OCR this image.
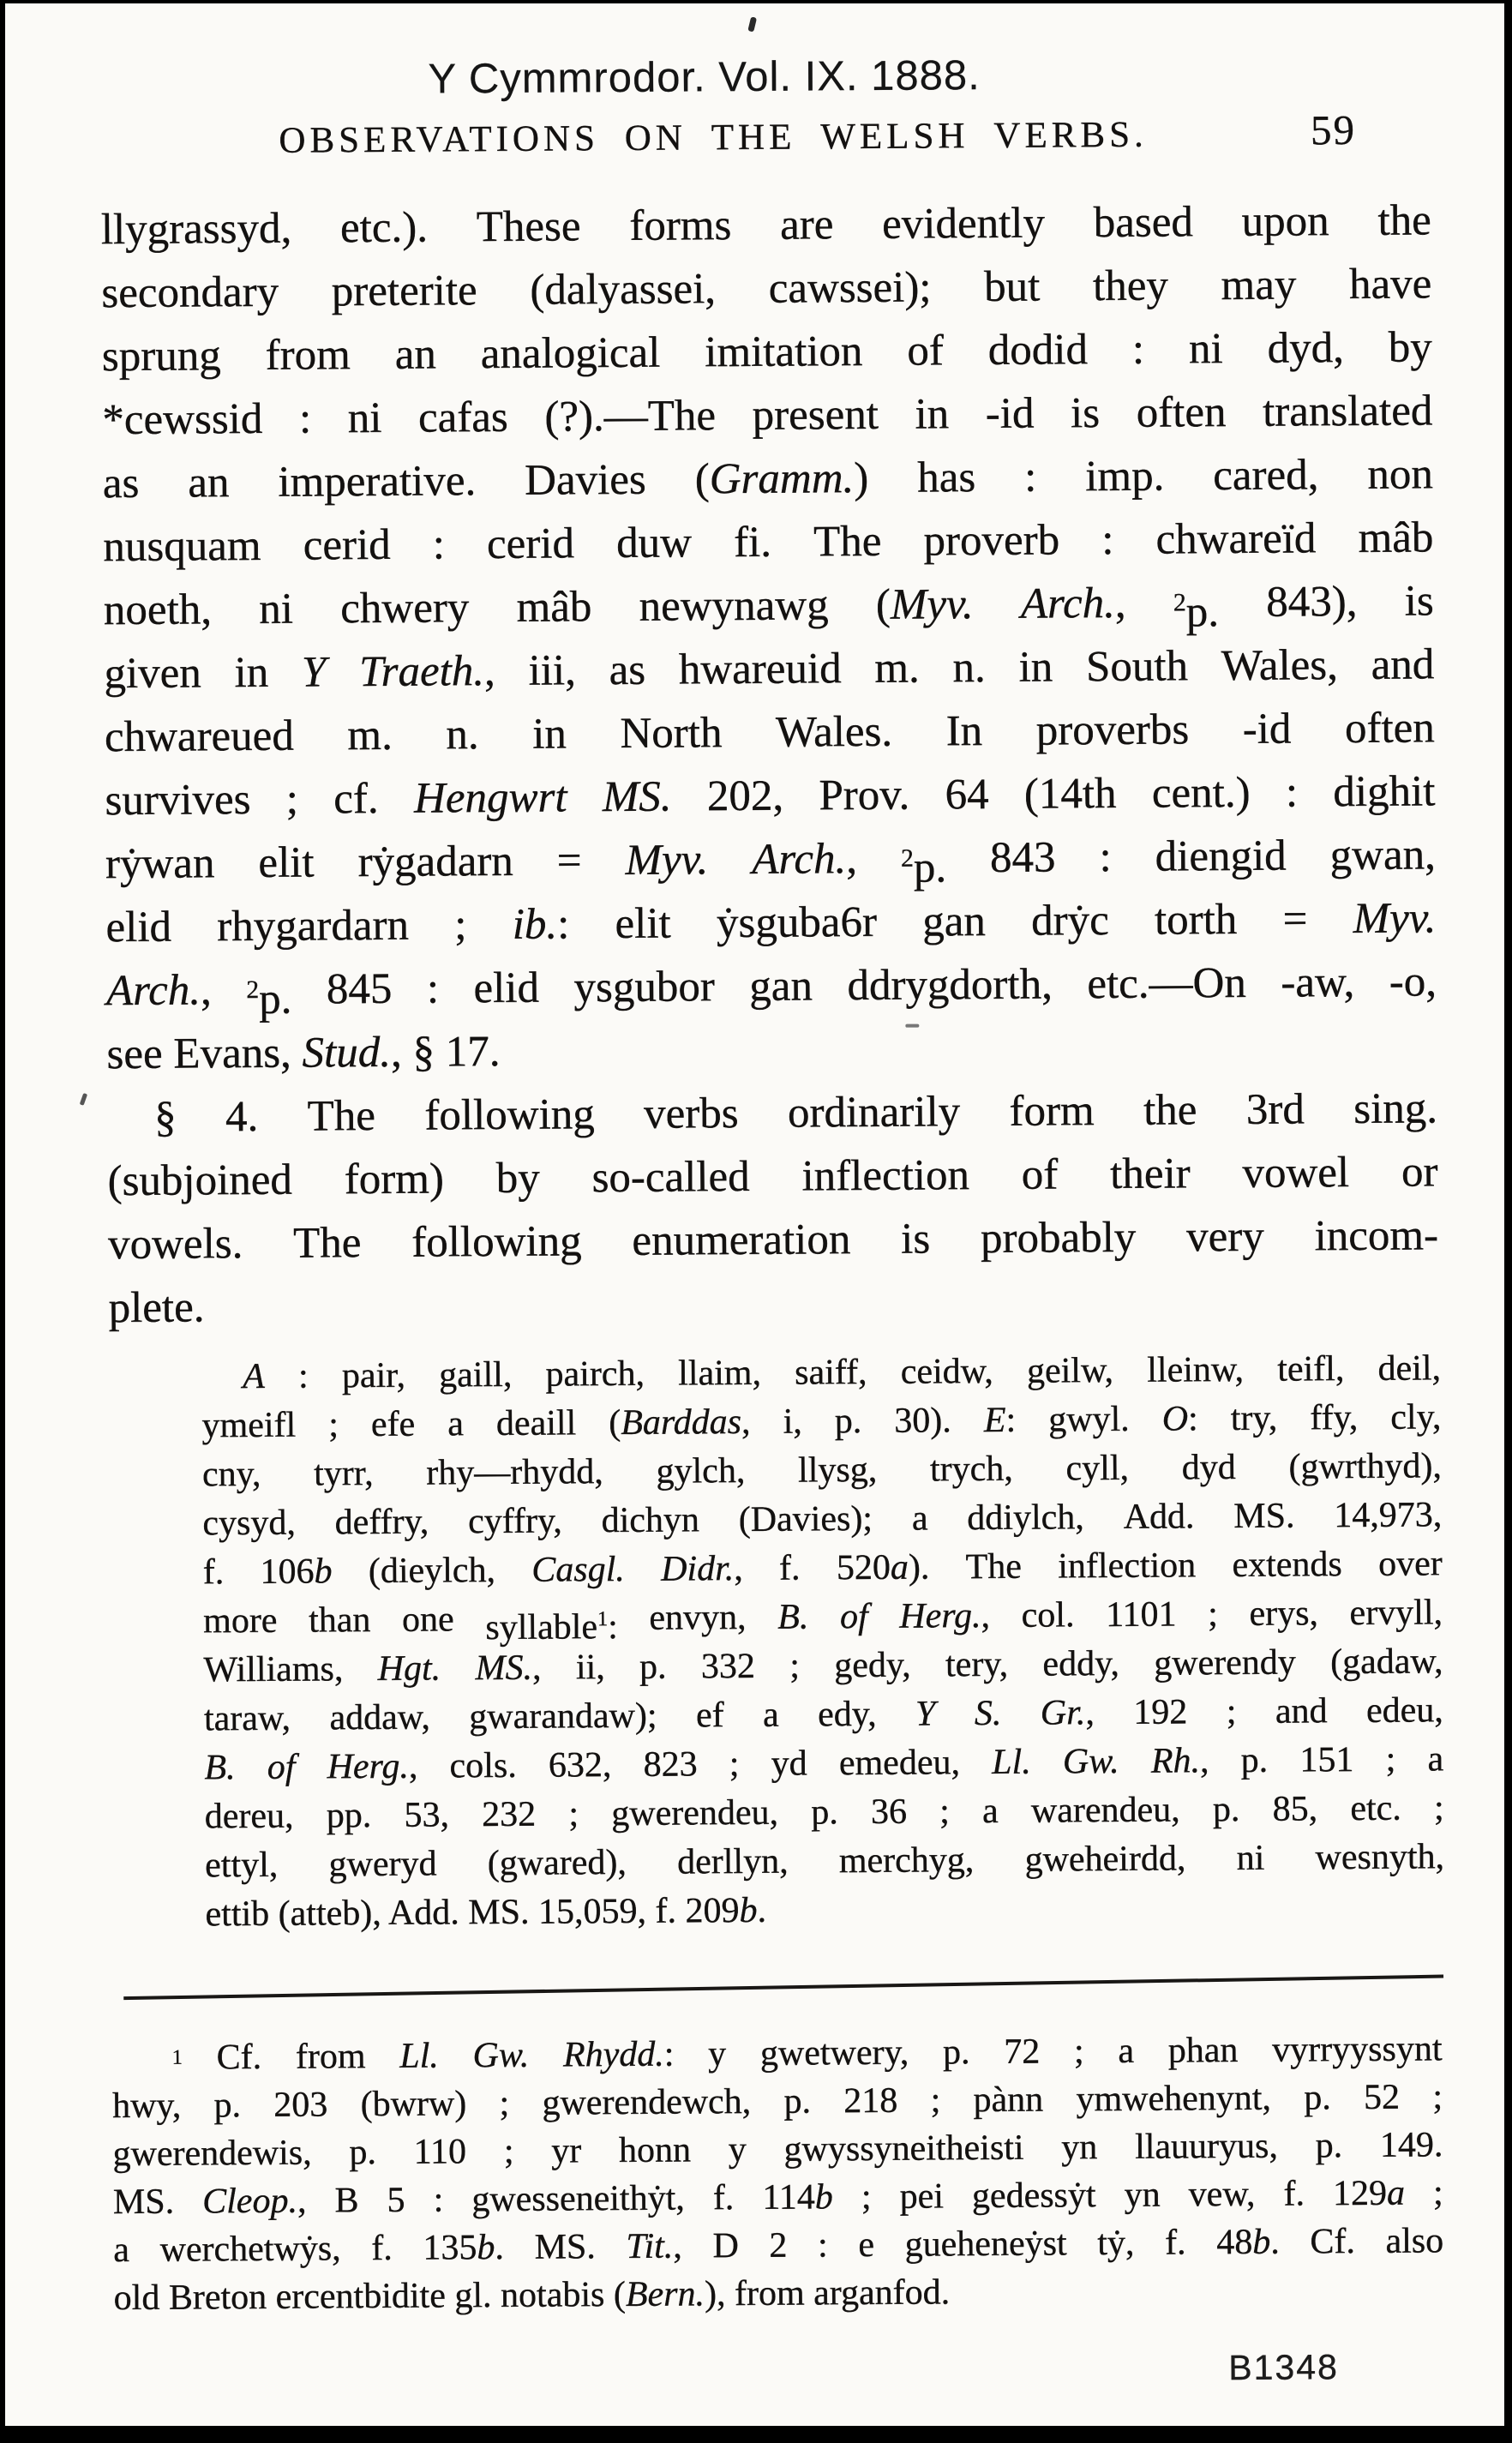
Y Cymmrodor. Vol. IX. 1888.
OBSERVATIONS ON THE WELSH VERBS.	59
llygrassyd, etc.). These forms are evidently based upon the
secondary preterite (dalyassei, cawssei); but they may have
sprung from an analogical imitation of dodid : ni dyd, by
*cewssid : ni cafas (?).—The present in -id is often translated
as an imperative. Davies (Gramm.) has : imp. cared, non
nusquam cerid : cerid duw fi. The proverb : chwareïd mâb
noeth, ni chwery mâb newynawg (Myv. Arch., $^2$p. 843), is
given in Y Traeth., iii, as hwareuid m. n. in South Wales, and
chwareued m. n. in North Wales. In proverbs -id often
survives ; cf. Hengwrt MS. 202, Prov. 64 (14th cent.) : dighit
rẏwan elit rẏgadarn = Myv. Arch., $^2$p. 843 : diengid gwan,
elid rhygardarn ; ib.: elit ẏsguba6r gan drẏc torth = Myv.
Arch., $^2$p. 845 : elid ysgubor gan ddrygdorth, etc.—On -aw, -o,
see Evans, Stud., § 17.
§ 4. The following verbs ordinarily form the 3rd sing.
(subjoined form) by so-called inflection of their vowel or
vowels. The following enumeration is probably very incom-
plete.
A : pair, gaill, pairch, llaim, saiff, ceidw, geilw, lleinw, teifl, deil,
ymeifl ; efe a deaill (Barddas, i, p. 30). E: gwyl. O: try, ffy, cly,
cny, tyrr, rhy—rhydd, gylch, llysg, trych, cyll, dyd (gwrthyd),
cysyd, deffry, cyffry, dichyn (Davies); a ddiylch, Add. MS. 14,973,
f. 106b (dieylch, Casgl. Didr., f. 520a). The inflection extends over
more than one syllable$^1$: envyn, B. of Herg., col. 1101 ; erys, ervyll,
Williams, Hgt. MS., ii, p. 332 ; gedy, tery, eddy, gwerendy (gadaw,
taraw, addaw, gwarandaw); ef a edy, Y S. Gr., 192 ; and edeu,
B. of Herg., cols. 632, 823 ; yd emedeu, Ll. Gw. Rh., p. 151 ; a
dereu, pp. 53, 232 ; gwerendeu, p. 36 ; a warendeu, p. 85, etc. ;
ettyl, gweryd (gwared), derllyn, merchyg, gweheirdd, ni wesnyth,
ettib (atteb), Add. MS. 15,059, f. 209b.
$^1$ Cf. from Ll. Gw. Rhydd.: y gwetwery, p. 72 ; a phan vyrryyssynt
hwy, p. 203 (bwrw) ; gwerendewch, p. 218 ; pànn ymwehenynt, p. 52 ;
gwerendewis, p. 110 ; yr honn y gwyssyneitheisti yn llauuryus, p. 149.
MS. Cleop., B 5 : gwesseneithẏt, f. 114b ; pei gedessẏt yn vew, f. 129a ;
a werchetwẏs, f. 135b. MS. Tit., D 2 : e gueheneẏst tẏ, f. 48b. Cf. also
old Breton ercentbidite gl. notabis (Bern.), from arganfod.
B1348
